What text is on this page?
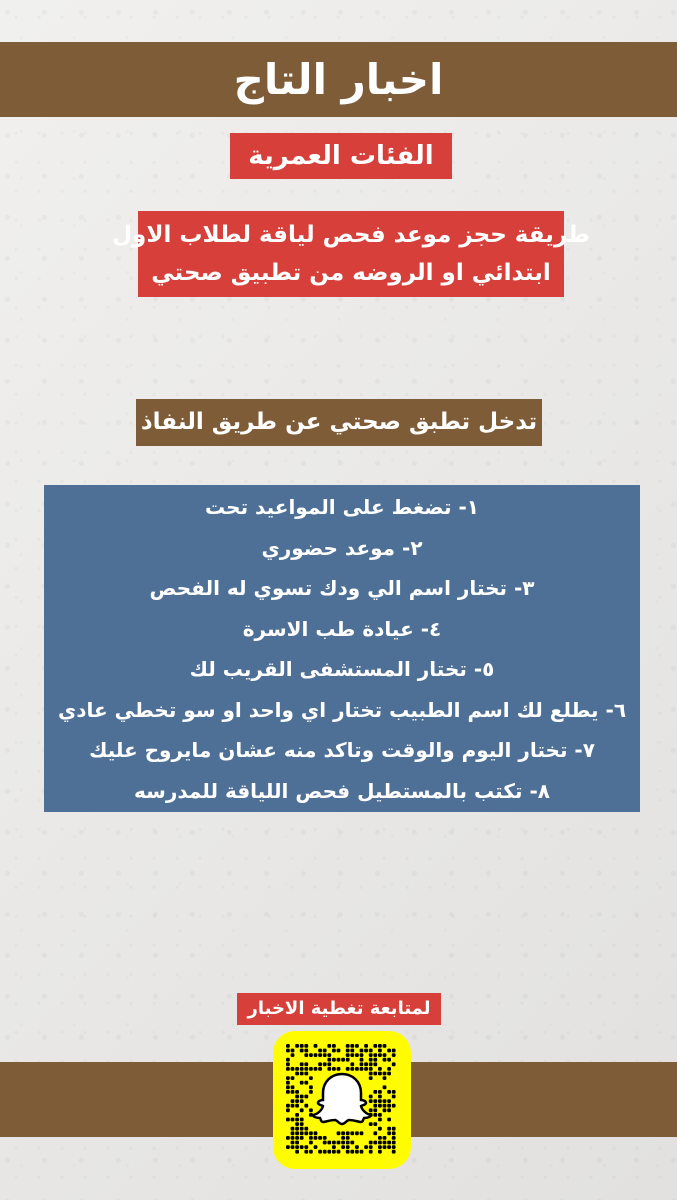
اخبار التاج
الفئات العمرية
طريقة حجز موعد فحص لياقة لطلاب الاول
ابتدائي او الروضه من تطبيق صحتي
تدخل تطبق صحتي عن طريق النفاذ
١- تضغط على المواعيد تحت
٢- موعد حضوري
٣- تختار اسم الي ودك تسوي له الفحص
٤- عيادة طب الاسرة
٥- تختار المستشفى القريب لك
٦- يطلع لك اسم الطبيب تختار اي واحد او سو تخطي عادي
٧- تختار اليوم والوقت وتاكد منه عشان مايروح عليك
٨- تكتب بالمستطيل فحص اللياقة للمدرسه
لمتابعة تغطية الاخبار
